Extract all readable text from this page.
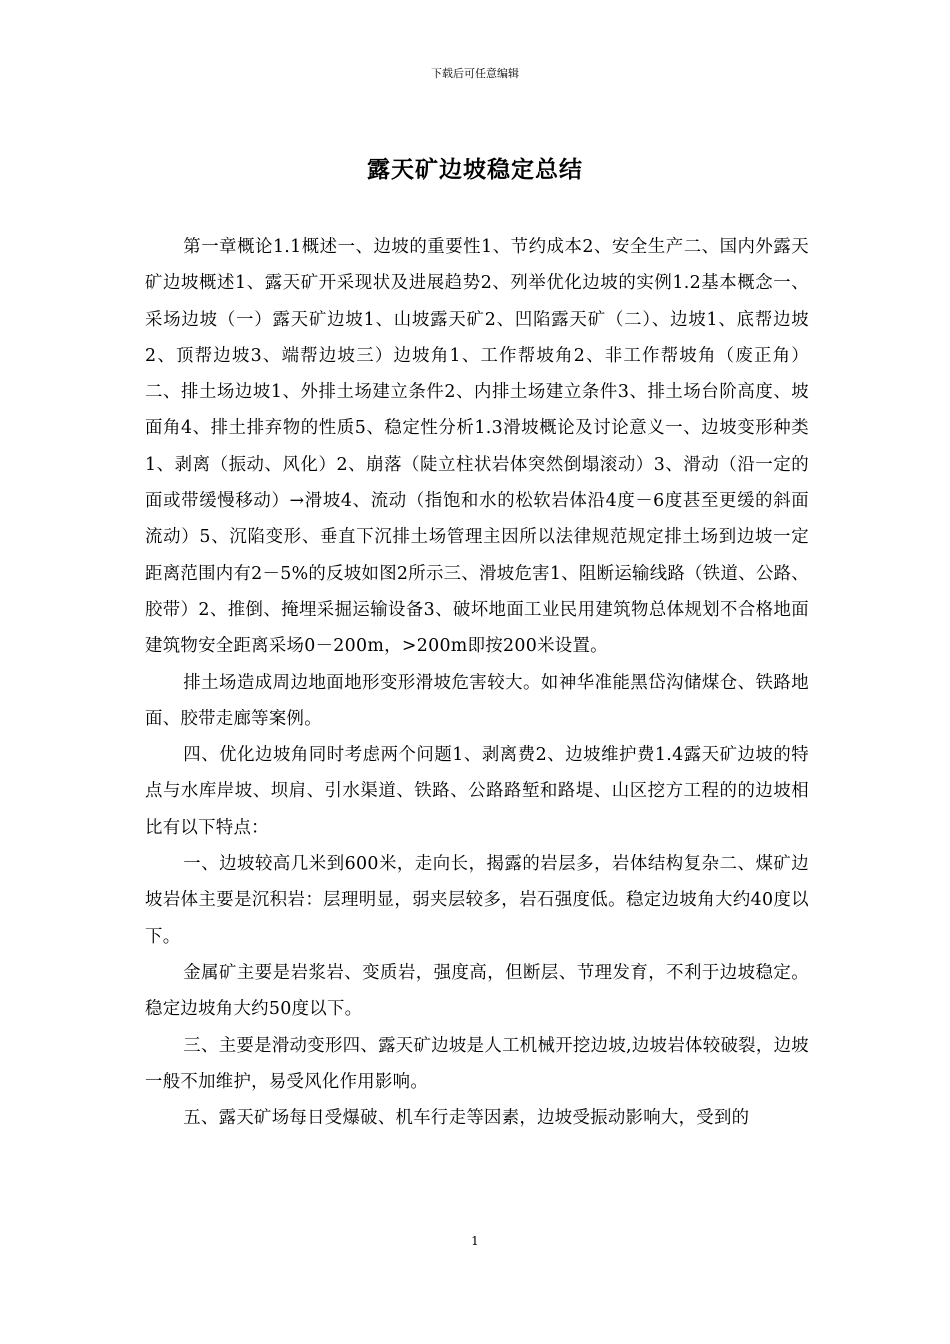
下载后可任意编辑
露天矿边坡稳定总结

第一章概论1.1概述一、边坡的重要性1、节约成本2、安全生产二、国内外露天矿边坡概述1、露天矿开采现状及进展趋势2、列举优化边坡的实例1.2基本概念一、采场边坡（一）露天矿边坡1、山坡露天矿2、凹陷露天矿（二）、边坡1、底帮边坡2、顶帮边坡3、端帮边坡三）边坡角1、工作帮坡角2、非工作帮坡角（废正角）二、排土场边坡1、外排土场建立条件2、内排土场建立条件3、排土场台阶高度、坡面角4、排土排弃物的性质5、稳定性分析1.3滑坡概论及讨论意义一、边坡变形种类1、剥离（振动、风化）2、崩落（陡立柱状岩体突然倒塌滚动）3、滑动（沿一定的面或带缓慢移动）→滑坡4、流动（指饱和水的松软岩体沿4度－6度甚至更缓的斜面流动）5、沉陷变形、垂直下沉排土场管理主因所以法律规范规定排土场到边坡一定距离范围内有2－5%的反坡如图2所示三、滑坡危害1、阻断运输线路（铁道、公路、胶带）2、推倒、掩埋采掘运输设备3、破坏地面工业民用建筑物总体规划不合格地面建筑物安全距离采场0－200m，>200m即按200米设置。

排土场造成周边地面地形变形滑坡危害较大。如神华准能黑岱沟储煤仓、铁路地面、胶带走廊等案例。

四、优化边坡角同时考虑两个问题1、剥离费2、边坡维护费1.4露天矿边坡的特点与水库岸坡、坝肩、引水渠道、铁路、公路路堑和路堤、山区挖方工程的的边坡相比有以下特点：

一、边坡较高几米到600米，走向长，揭露的岩层多，岩体结构复杂二、煤矿边坡岩体主要是沉积岩：层理明显，弱夹层较多，岩石强度低。稳定边坡角大约40度以下。

金属矿主要是岩浆岩、变质岩，强度高，但断层、节理发育，不利于边坡稳定。稳定边坡角大约50度以下。

三、主要是滑动变形四、露天矿边坡是人工机械开挖边坡,边坡岩体较破裂，边坡一般不加维护，易受风化作用影响。

五、露天矿场每日受爆破、机车行走等因素，边坡受振动影响大，受到的

1
